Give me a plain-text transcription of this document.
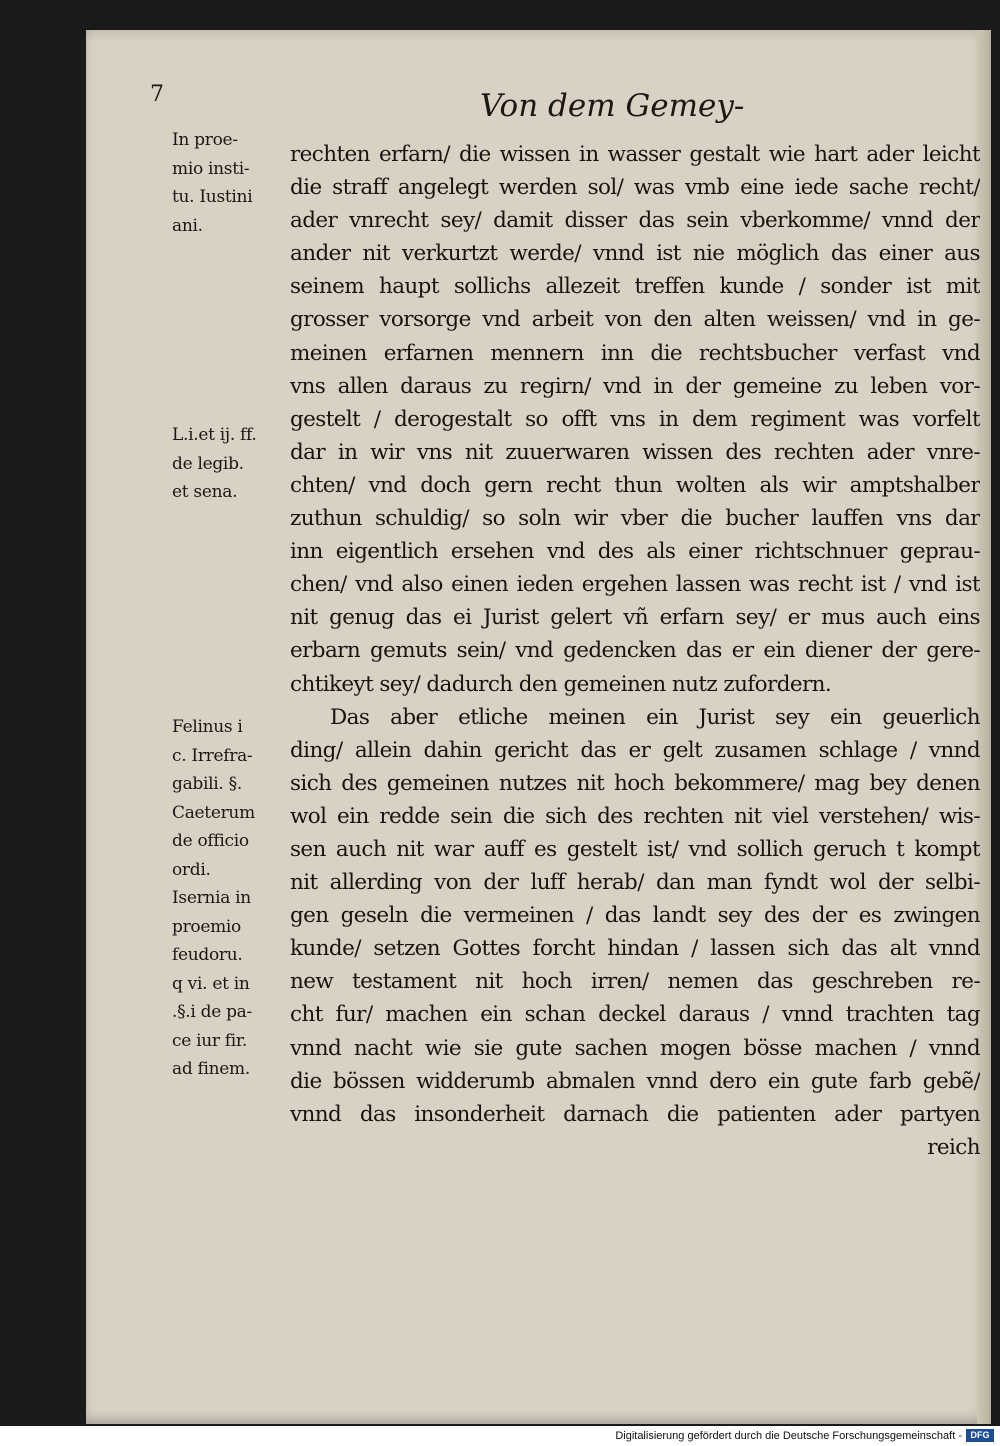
7	Von dem Gemey-
In proe-
mio insti-
tu. Iustini
ani.
L.i.et ij. ff.
de legib.
et sena.
Felinus i
c. Irrefra-
gabili. §.
Caeterum
de officio
ordi.
Isernia in
proemio
feudoru.
q vi. et in
.§.i de pa-
ce iur fir.
ad finem.
rechten erfarn/ die wissen in wasser gestalt wie hart ader leicht
die straff angelegt werden sol/ was vmb eine iede sache recht/
ader vnrecht sey/ damit disser das sein vberkomme/ vnnd der
ander nit verkurtzt werde/ vnnd ist nie möglich das einer aus
seinem haupt sollichs allezeit treffen kunde / sonder ist mit
grosser vorsorge vnd arbeit von den alten weissen/ vnd in ge-
meinen erfarnen mennern inn die rechtsbucher verfast vnd
vns allen daraus zu regirn/ vnd in der gemeine zu leben vor-
gestelt / derogestalt so offt vns in dem regiment was vorfelt
dar in wir vns nit zuuerwaren wissen des rechten ader vnre-
chten/ vnd doch gern recht thun wolten als wir amptshalber
zuthun schuldig/ so soln wir vber die bucher lauffen vns dar
inn eigentlich ersehen vnd des als einer richtschnuer geprau-
chen/ vnd also einen ieden ergehen lassen was recht ist / vnd ist
nit genug das ei Jurist gelert vñ erfarn sey/ er mus auch eins
erbarn gemuts sein/ vnd gedencken das er ein diener der gere-
chtikeyt sey/ dadurch den gemeinen nutz zufordern.
Das aber etliche meinen ein Jurist sey ein geuerlich
ding/ allein dahin gericht das er gelt zusamen schlage / vnnd
sich des gemeinen nutzes nit hoch bekommere/ mag bey denen
wol ein redde sein die sich des rechten nit viel verstehen/ wis-
sen auch nit war auff es gestelt ist/ vnd sollich geruch t kompt
nit allerding von der luff herab/ dan man fyndt wol der selbi-
gen geseln die vermeinen / das landt sey des der es zwingen
kunde/ setzen Gottes forcht hindan / lassen sich das alt vnnd
new testament nit hoch irren/ nemen das geschreben re-
cht fur/ machen ein schan deckel daraus / vnnd trachten tag
vnnd nacht wie sie gute sachen mogen bösse machen / vnnd
die bössen widderumb abmalen vnnd dero ein gute farb gebẽ/
vnnd das insonderheit darnach die patienten ader partyen
reich
Digitalisierung gefördert durch die Deutsche Forschungsgemeinschaft - DFG
